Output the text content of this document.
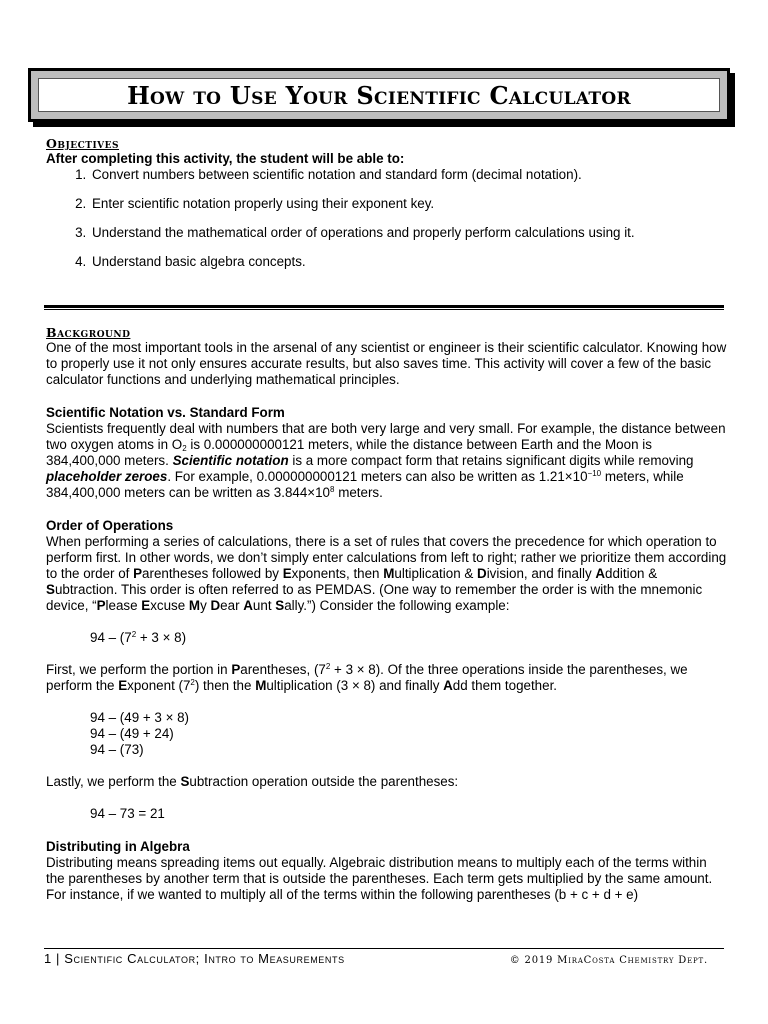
How to Use Your Scientific Calculator
Objectives
After completing this activity, the student will be able to:
1. Convert numbers between scientific notation and standard form (decimal notation).
2. Enter scientific notation properly using their exponent key.
3. Understand the mathematical order of operations and properly perform calculations using it.
4. Understand basic algebra concepts.
Background

One of the most important tools in the arsenal of any scientist or engineer is their scientific calculator. Knowing how to properly use it not only ensures accurate results, but also saves time. This activity will cover a few of the basic calculator functions and underlying mathematical principles.

Scientific Notation vs. Standard Form

Scientists frequently deal with numbers that are both very large and very small. For example, the distance between two oxygen atoms in $O_2$ is 0.000000000121 meters, while the distance between Earth and the Moon is 384,400,000 meters. Scientific notation is a more compact form that retains significant digits while removing placeholder zeroes. For example, 0.000000000121 meters can also be written as $1.21\times 10^{-10}$ meters, while 384,400,000 meters can be written as $3.844\times 10^8$ meters.

Order of Operations

When performing a series of calculations, there is a set of rules that covers the precedence for which operation to perform first. In other words, we don’t simply enter calculations from left to right; rather we prioritize them according to the order of Parentheses followed by Exponents, then Multiplication & Division, and finally Addition & Subtraction. This order is often referred to as PEMDAS. (One way to remember the order is with the mnemonic device, “Please Excuse My Dear Aunt Sally.”) Consider the following example:

$94 - (7^2 + 3 \times 8)$

First, we perform the portion in Parentheses, $(7^2 + 3 \times 8)$. Of the three operations inside the parentheses, we perform the Exponent $(7^2)$ then the Multiplication (3 × 8) and finally Add them together.

94 – (49 + 3 × 8)

94 – (49 + 24)

94 – (73)

Lastly, we perform the Subtraction operation outside the parentheses:

94 – 73 = 21

Distributing in Algebra

Distributing means spreading items out equally. Algebraic distribution means to multiply each of the terms within the parentheses by another term that is outside the parentheses. Each term gets multiplied by the same amount. For instance, if we wanted to multiply all of the terms within the following parentheses (b + c + d + e)

1 | Scientific Calculator; Intro to Measurements	© 2019 MiraCosta Chemistry Dept.
